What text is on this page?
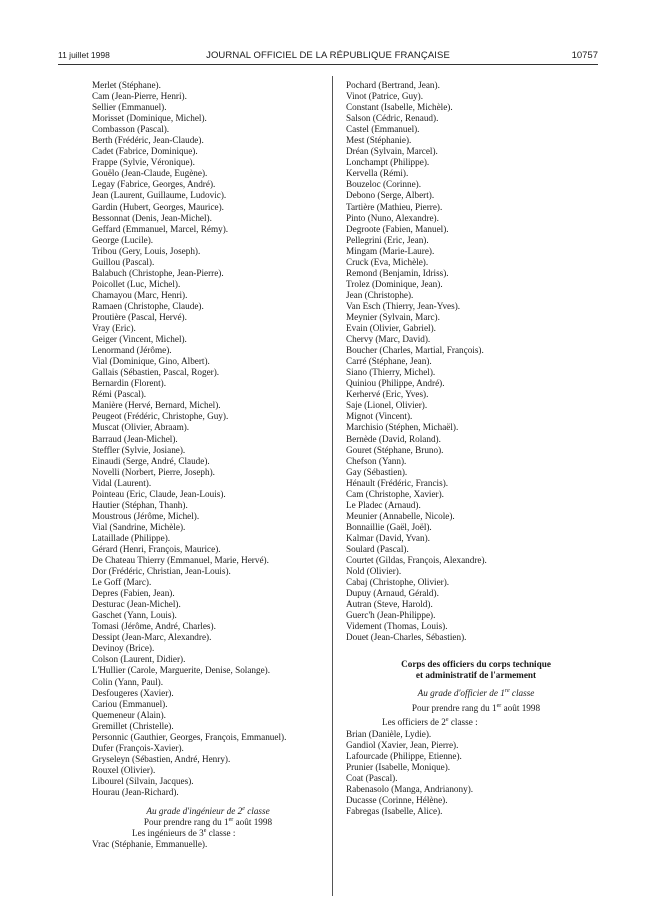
11 juillet 1998	JOURNAL OFFICIEL DE LA RÉPUBLIQUE FRANÇAISE	10757
Merlet (Stéphane).
Cam (Jean-Pierre, Henri).
Sellier (Emmanuel).
Morisset (Dominique, Michel).
Combasson (Pascal).
Berth (Frédéric, Jean-Claude).
Cadet (Fabrice, Dominique).
Frappe (Sylvie, Véronique).
Gouëlo (Jean-Claude, Eugène).
Legay (Fabrice, Georges, André).
Jean (Laurent, Guillaume, Ludovic).
Gardin (Hubert, Georges, Maurice).
Bessonnat (Denis, Jean-Michel).
Geffard (Emmanuel, Marcel, Rémy).
George (Lucile).
Tribou (Gery, Louis, Joseph).
Guillou (Pascal).
Balabuch (Christophe, Jean-Pierre).
Poicollet (Luc, Michel).
Chamayou (Marc, Henri).
Ramaen (Christophe, Claude).
Proutière (Pascal, Hervé).
Vray (Eric).
Geiger (Vincent, Michel).
Lenormand (Jérôme).
Vial (Dominique, Gino, Albert).
Gallais (Sébastien, Pascal, Roger).
Bernardin (Florent).
Rémi (Pascal).
Manière (Hervé, Bernard, Michel).
Peugeot (Frédéric, Christophe, Guy).
Muscat (Olivier, Abraam).
Barraud (Jean-Michel).
Steffler (Sylvie, Josiane).
Einaudi (Serge, André, Claude).
Novelli (Norbert, Pierre, Joseph).
Vidal (Laurent).
Pointeau (Eric, Claude, Jean-Louis).
Hautier (Stéphan, Thanh).
Moustrous (Jérôme, Michel).
Vial (Sandrine, Michèle).
Lataillade (Philippe).
Gérard (Henri, François, Maurice).
De Chateau Thierry (Emmanuel, Marie, Hervé).
Dor (Frédéric, Christian, Jean-Louis).
Le Goff (Marc).
Depres (Fabien, Jean).
Desturac (Jean-Michel).
Gaschet (Yann, Louis).
Tomasi (Jérôme, André, Charles).
Dessipt (Jean-Marc, Alexandre).
Devinoy (Brice).
Colson (Laurent, Didier).
L'Hullier (Carole, Marguerite, Denise, Solange).
Colin (Yann, Paul).
Desfougeres (Xavier).
Cariou (Emmanuel).
Quemeneur (Alain).
Gremillet (Christelle).
Personnic (Gauthier, Georges, François, Emmanuel).
Dufer (François-Xavier).
Gryseleyn (Sébastien, André, Henry).
Rouxel (Olivier).
Libourel (Silvain, Jacques).
Hourau (Jean-Richard).
Au grade d'ingénieur de 2e classe
Pour prendre rang du 1er août 1998
Les ingénieurs de 3e classe :
Vrac (Stéphanie, Emmanuelle).
Pochard (Bertrand, Jean).
Vinot (Patrice, Guy).
Constant (Isabelle, Michèle).
Salson (Cédric, Renaud).
Castel (Emmanuel).
Mest (Stéphanie).
Dréan (Sylvain, Marcel).
Lonchampt (Philippe).
Kervella (Rémi).
Bouzeloc (Corinne).
Debono (Serge, Albert).
Tartière (Mathieu, Pierre).
Pinto (Nuno, Alexandre).
Degroote (Fabien, Manuel).
Pellegrini (Eric, Jean).
Mingam (Marie-Laure).
Cruck (Eva, Michèle).
Remond (Benjamin, Idriss).
Trolez (Dominique, Jean).
Jean (Christophe).
Van Esch (Thierry, Jean-Yves).
Meynier (Sylvain, Marc).
Evain (Olivier, Gabriel).
Chervy (Marc, David).
Boucher (Charles, Martial, François).
Carré (Stéphane, Jean).
Siano (Thierry, Michel).
Quiniou (Philippe, André).
Kerhervé (Eric, Yves).
Saje (Lionel, Olivier).
Mignot (Vincent).
Marchisio (Stéphen, Michaël).
Bernède (David, Roland).
Gouret (Stéphane, Bruno).
Chefson (Yann).
Gay (Sébastien).
Hénault (Frédéric, Francis).
Cam (Christophe, Xavier).
Le Pladec (Arnaud).
Meunier (Annabelle, Nicole).
Bonnaillie (Gaël, Joël).
Kalmar (David, Yvan).
Soulard (Pascal).
Courtet (Gildas, François, Alexandre).
Nold (Olivier).
Cabaj (Christophe, Olivier).
Dupuy (Arnaud, Gérald).
Autran (Steve, Harold).
Guerc'h (Jean-Philippe).
Videment (Thomas, Louis).
Douet (Jean-Charles, Sébastien).
Corps des officiers du corps technique
et administratif de l'armement
Au grade d'officier de 1re classe
Pour prendre rang du 1er août 1998
Les officiers de 2e classe :
Brian (Danièle, Lydie).
Gandiol (Xavier, Jean, Pierre).
Lafourcade (Philippe, Etienne).
Prunier (Isabelle, Monique).
Coat (Pascal).
Rabenasolo (Manga, Andrianony).
Ducasse (Corinne, Hélène).
Fabregas (Isabelle, Alice).
